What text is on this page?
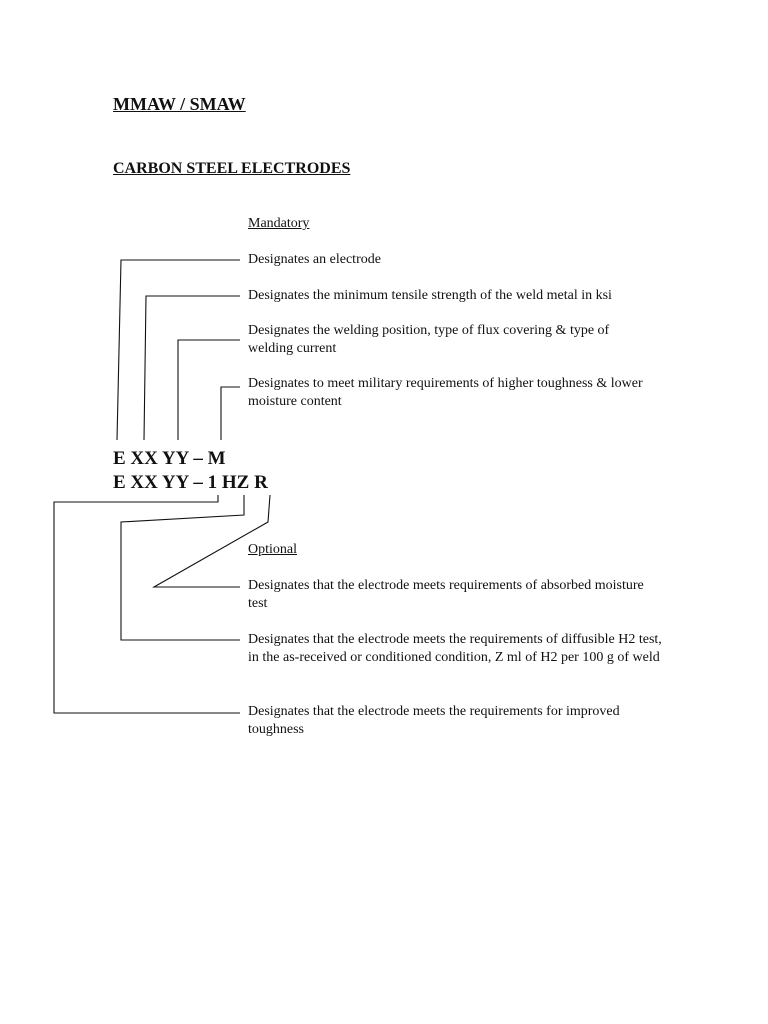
MMAW / SMAW
CARBON STEEL ELECTRODES
Mandatory
Designates an electrode
Designates the minimum tensile strength of the weld metal in ksi
Designates the welding position, type of flux covering & type of welding current
Designates to meet military requirements of higher toughness & lower moisture content
E XX YY – M
E XX YY – 1 HZ R
Optional
Designates that the electrode meets requirements of absorbed moisture test
Designates that the electrode meets the requirements of diffusible H2 test, in the as-received or conditioned condition, Z ml of H2 per 100 g of weld
Designates that the electrode meets the requirements for improved toughness
